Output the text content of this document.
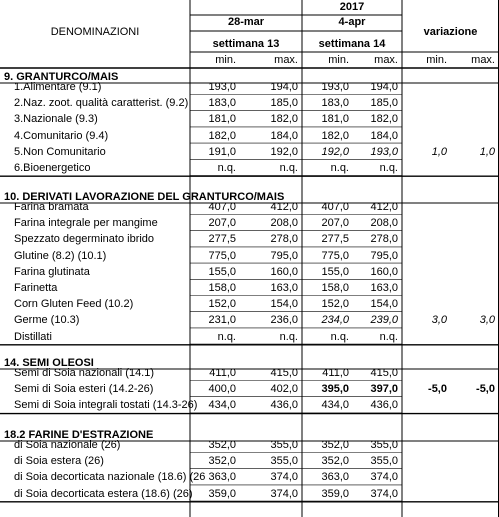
2017
DENOMINAZIONI
28-mar	4-apr
variazione
settimana 13	settimana 14
min.	max.	min.	max.	min.	max.
9. GRANTURCO/MAIS
1.Alimentare (9.1)	193,0	194,0	193,0	194,0
2.Naz. zoot. qualità caratterist. (9.2)	183,0	185,0	183,0	185,0
3.Nazionale (9.3)	181,0	182,0	181,0	182,0
4.Comunitario (9.4)	182,0	184,0	182,0	184,0
5.Non Comunitario	191,0	192,0	192,0	193,0	1,0	1,0
6.Bioenergetico	n.q.	n.q.	n.q.	n.q.
10. DERIVATI LAVORAZIONE DEL GRANTURCO/MAIS
Farina bramata	407,0	412,0	407,0	412,0
Farina integrale per mangime	207,0	208,0	207,0	208,0
Spezzato degerminato ibrido	277,5	278,0	277,5	278,0
Glutine (8.2) (10.1)	775,0	795,0	775,0	795,0
Farina glutinata	155,0	160,0	155,0	160,0
Farinetta	158,0	163,0	158,0	163,0
Corn Gluten Feed (10.2)	152,0	154,0	152,0	154,0
Germe (10.3)	231,0	236,0	234,0	239,0	3,0	3,0
Distillati	n.q.	n.q.	n.q.	n.q.
14. SEMI OLEOSI
Semi di Soia nazionali (14.1)	411,0	415,0	411,0	415,0
Semi di Soia esteri (14.2-26)	400,0	402,0	395,0	397,0	-5,0	-5,0
Semi di Soia integrali tostati (14.3-26)	434,0	436,0	434,0	436,0
18.2 FARINE D'ESTRAZIONE
di Soia nazionale (26)	352,0	355,0	352,0	355,0
di Soia estera (26)	352,0	355,0	352,0	355,0
di Soia decorticata nazionale (18.6) (26 363,0	374,0	363,0	374,0
di Soia decorticata estera (18.6) (26)	359,0	374,0	359,0	374,0
